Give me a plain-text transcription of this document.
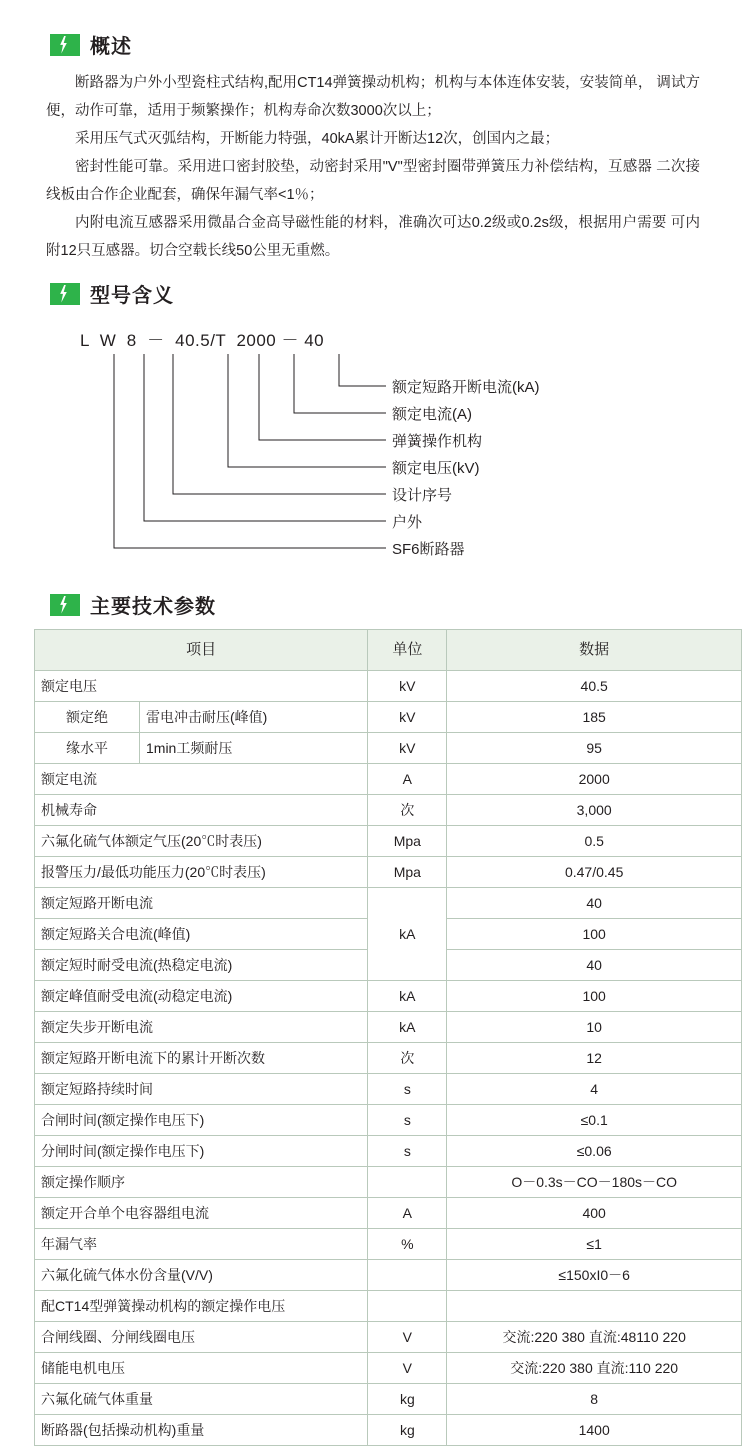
概述

断路器为户外小型瓷柱式结构,配用CT14弹簧操动机构；机构与本体连体安装，安装简单， 调试方便，动作可靠，适用于频繁操作；机构寿命次数3000次以上；

采用压气式灭弧结构，开断能力特强，40kA累计开断达12次，创国内之最；

密封性能可靠。采用进口密封胶垫，动密封采用"V"型密封圈带弹簧压力补偿结构，互感器 二次接线板由合作企业配套，确保年漏气率<1％；

内附电流互感器采用微晶合金高导磁性能的材料，准确次可达0.2级或0.2s级，根据用户需要 可内附12只互感器。切合空载长线50公里无重燃。

型号含义
L  W  8  －  40.5/T  2000 － 40
额定短路开断电流(kA)
额定电流(A)
弹簧操作机构
额定电压(kV)
设计序号
户外
SF6断路器
主要技术参数
项目		单位	数据
额定电压		kV	40.5
额定绝	雷电冲击耐压(峰值)	kV	185
缘水平	1min工频耐压	kV	95
额定电流		A	2000
机械寿命		次	3,000
六氟化硫气体额定气压(20℃时表压)		Mpa	0.5
报警压力/最低功能压力(20℃时表压)		Mpa	0.47/0.45
额定短路开断电流		kA	40
额定短路关合电流(峰值)			100
额定短时耐受电流(热稳定电流)			40
额定峰值耐受电流(动稳定电流)		kA	100
额定失步开断电流		kA	10
额定短路开断电流下的累计开断次数		次	12
额定短路持续时间		s	4
合闸时间(额定操作电压下)		s	≤0.1
分闸时间(额定操作电压下)		s	≤0.06
额定操作顺序			O－0.3s－CO－180s－CO
额定开合单个电容器组电流		A	400
年漏气率		%	≤1
六氟化硫气体水份含量(V/V)			≤150xI0－6
配CT14型弹簧操动机构的额定操作电压			
合闸线圈、分闸线圈电压		V	交流:220 380 直流:48110 220
储能电机电压		V	交流:220 380 直流:110 220
六氟化硫气体重量		kg	8
断路器(包括操动机构)重量		kg	1400
